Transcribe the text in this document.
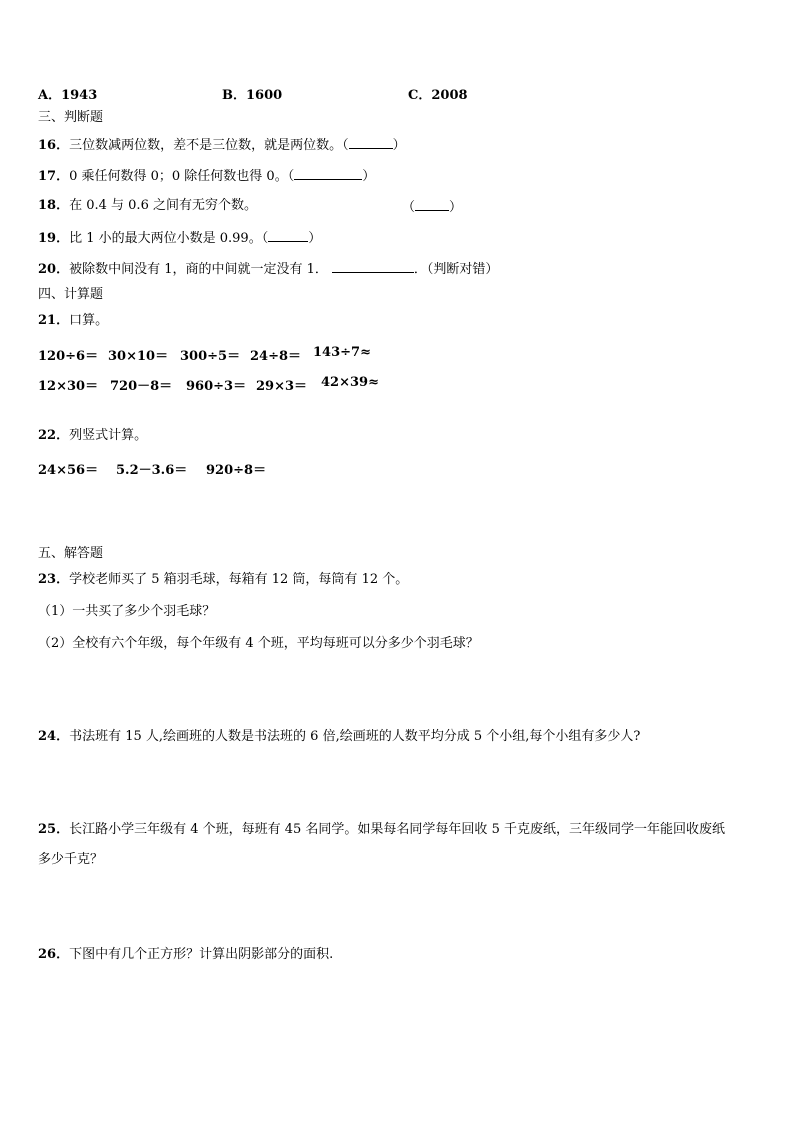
A．1943	B．1600	C．2008
三、判断题
16．三位数减两位数，差不是三位数，就是两位数。（	）
17．0 乘任何数得 0；0 除任何数也得 0。（	）
18．在 0.4 与 0.6 之间有无穷个数。	（	）
19．比 1 小的最大两位小数是 0.99。（	）
20．被除数中间没有 1，商的中间就一定没有 1．	．（判断对错）
四、计算题
21．口算。
120÷6＝ 30×10＝ 300÷5＝ 24÷8＝ 143÷7≈
12×30＝ 720－8＝ 960÷3＝ 29×3＝ 42×39≈
22．列竖式计算。
24×56＝ 5.2－3.6＝ 920÷8＝
五、解答题
23．学校老师买了 5 箱羽毛球，每箱有 12 筒，每筒有 12 个。
（1）一共买了多少个羽毛球？
（2）全校有六个年级，每个年级有 4 个班，平均每班可以分多少个羽毛球？
24．书法班有 15 人,绘画班的人数是书法班的 6 倍,绘画班的人数平均分成 5 个小组,每个小组有多少人?
25．长江路小学三年级有 4 个班，每班有 45 名同学。如果每名同学每年回收 5 千克废纸，三年级同学一年能回收废纸
多少千克？
26．下图中有几个正方形？计算出阴影部分的面积.
